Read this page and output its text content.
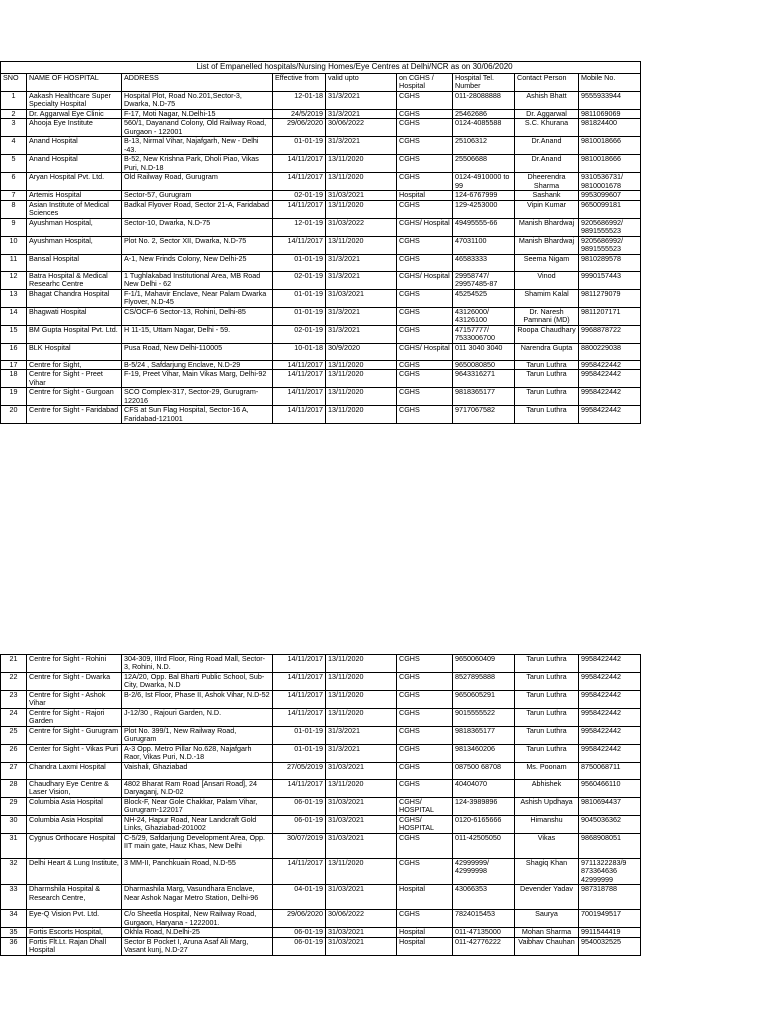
List of Empanelled hospitals/Nursing Homes/Eye Centres at Delhi/NCR as on 30/06/2020								
SNO	NAME OF HOSPITAL	ADDRESS	Effective from	valid upto	on CGHS / Hospital	Hospital Tel. Number	Contact Person	Mobile No.
1	Aakash Healthcare Super Specialty Hospital	Hospital Plot, Road No.201,Sector-3, Dwarka, N.D-75	12-01-18	31/3/2021	CGHS	011-28088888	Ashish Bhatt	9555933944
2	Dr. Aggarwal Eye Clinic	F-17, Moti Nagar, N.Delhi-15	24/5/2019	31/3/2021	CGHS	25462686	Dr. Aggarwal	9811069069
3	Ahooja Eye Institute	560/1, Dayanand Colony, Old Railway Road, Gurgaon - 122001	29/06/2020	30/06/2022	CGHS	0124-4085588	S.C. Khurana	981824400
4	Anand Hospital	B-13, Nirmal Vihar, Najafgarh, New - Delhi -43.	01-01-19	31/3/2021	CGHS	25106312	Dr.Anand	9810018666
5	Anand Hospital	B-52, New Krishna Park, Dholi Piao, Vikas Puri, N.D-18	14/11/2017	13/11/2020	CGHS	25506688	Dr.Anand	9810018666
6	Aryan Hospital Pvt. Ltd.	Old Railway Road, Gurugram	14/11/2017	13/11/2020	CGHS	0124-4910000 to 99	Dheerendra Sharma	9310536731/ 9810001678
7	Artemis Hospital	Sector-57, Gurugram	02-01-19	31/03/2021	Hospital	124-6767999	Sashank	9953099607
8	Asian Institute of Medical Sciences	Badkal Flyover Road, Sector 21-A, Faridabad	14/11/2017	13/11/2020	CGHS	129-4253000	Vipin Kumar	9650099181
9	Ayushman Hospital,	Sector-10, Dwarka, N.D-75	12-01-19	31/03/2022	CGHS/ Hospital	49495555-66	Manish Bhardwaj	9205686992/ 9891555523
10	Ayushman Hospital,	Plot No. 2, Sector XII, Dwarka, N.D-75	14/11/2017	13/11/2020	CGHS	47031100	Manish Bhardwaj	9205686992/ 9891555523
11	Bansal Hospital	A-1, New Frinds Colony, New Delhi-25	01-01-19	31/3/2021	CGHS	46583333	Seema Nigam	9810289578
12	Batra Hospital & Medical Researhc Centre	1 Tughlakabad Institutional Area, MB Road New Delhi - 62	02-01-19	31/3/2021	CGHS/ Hospital	29958747/ 29957485-87	Vinod	9990157443
13	Bhagat Chandra Hospital	F-1/1, Mahavir Enclave, Near Palam Dwarka Flyover, N.D-45	01-01-19	31/03/2021	CGHS	45254525	Shamim Kalal	9811279079
14	Bhagwati Hospital	CS/OCF-6 Sector-13, Rohini, Delhi-85	01-01-19	31/3/2021	CGHS	43126000/ 43126100	Dr. Naresh Pamnani (MD)	9811207171
15	BM Gupta Hospital Pvt. Ltd.	H 11-15, Uttam Nagar, Delhi - 59.	02-01-19	31/3/2021	CGHS	47157777/ 7533006700	Roopa Chaudhary	9968878722
16	BLK Hospital	Pusa Road, New Delhi-110005	10-01-18	30/9/2020	CGHS/ Hospital	011 3040 3040	Narendra Gupta	8800229038
17	Centre for Sight,	B-5/24 , Safdarjung Enclave, N.D-29	14/11/2017	13/11/2020	CGHS	9650080850	Tarun Luthra	9958422442
18	Centre for Sight - Preet Vihar	F-19, Preet Vihar, Main Vikas Marg, Delhi-92	14/11/2017	13/11/2020	CGHS	9643316271	Tarun Luthra	9958422442
19	Centre for Sight - Gurgoan	SCO Complex-317, Sector-29, Gurugram-122016	14/11/2017	13/11/2020	CGHS	9818365177	Tarun Luthra	9958422442
20	Centre for Sight - Faridabad	CFS at Sun Flag Hospital, Sector-16 A, Faridabad-121001	14/11/2017	13/11/2020	CGHS	9717067582	Tarun Luthra	9958422442
21	Centre for Sight - Rohini	304-309, IIIrd Floor, Ring Road Mall, Sector-3, Rohini, N.D.	14/11/2017	13/11/2020	CGHS	9650060409	Tarun Luthra	9958422442
22	Centre for Sight - Dwarka	12A/20, Opp. Bal Bharti Public School, Sub-City, Dwarka, N.D	14/11/2017	13/11/2020	CGHS	8527895888	Tarun Luthra	9958422442
23	Centre for Sight - Ashok Vihar	B-2/6, Ist Floor, Phase II, Ashok Vihar, N.D-52	14/11/2017	13/11/2020	CGHS	9650605291	Tarun Luthra	9958422442
24	Centre for Sight - Rajori Garden	J-12/30 , Rajouri Garden, N.D.	14/11/2017	13/11/2020	CGHS	9015555522	Tarun Luthra	9958422442
25	Centre for Sight - Gurugram	Plot No. 399/1, New Railway Road, Gurugram	01-01-19	31/3/2021	CGHS	9818365177	Tarun Luthra	9958422442
26	Center for Sight - Vikas Puri	A-3 Opp. Metro Pillar No.628, Najafgarh Raor, Vikas Puri, N.D.-18	01-01-19	31/3/2021	CGHS	9813460206	Tarun Luthra	9958422442
27	Chandra Laxmi Hospital	Vaishali, Ghaziabad	27/05/2019	31/03/2021	CGHS	087500 68708	Ms. Poonam	8750068711
28	Chaudhary Eye Centre & Laser Vision,	4802 Bharat Ram Road [Ansari Road], 24 Daryaganj, N.D-02	14/11/2017	13/11/2020	CGHS	40404070	Abhishek	9560466110
29	Columbia Asia Hospital	Block-F, Near Gole Chakkar, Palam Vihar, Gurugram-122017	06-01-19	31/03/2021	CGHS/ HOSPITAL	124-3989896	Ashish Updhaya	9810694437
30	Columbia Asia Hospital	NH-24, Hapur Road, Near Landcraft Gold Links, Ghaziabad-201002	06-01-19	31/03/2021	CGHS/ HOSPITAL	0120-6165666	Himanshu	9045036362
31	Cygnus Orthocare Hospital	C-5/29, Safdarjung Development Area, Opp. IIT main gate, Hauz Khas, New Delhi	30/07/2019	31/03/2021	CGHS	011-42505050	Vikas	9868908051
32	Delhi Heart & Lung Institute,	3 MM-II, Panchkuain Road, N.D-55	14/11/2017	13/11/2020	CGHS	42999999/ 42999998	Shagiq Khan	9711322283/9 873364636 42999999
33	Dharmshila Hospital & Research Centre,	Dharmashila Marg, Vasundhara Enclave, Near Ashok Nagar Metro Station, Delhi-96	04-01-19	31/03/2021	Hospital	43066353	Devender Yadav	987318788
34	Eye-Q Vision Pvt. Ltd.	C/o Sheetla Hospital, New Railway Road, Gurgaon, Haryana - 1222001.	29/06/2020	30/06/2022	CGHS	7824015453	Saurya	7001949517
35	Fortis Escorts Hospital,	Okhla Road, N.Delhi-25	06-01-19	31/03/2021	Hospital	011-47135000	Mohan Sharma	9911544419
36	Fortis Flt.Lt. Rajan Dhall Hospital	Sector B Pocket I, Aruna Asaf Ali Marg, Vasant kunj, N.D-27	06-01-19	31/03/2021	Hospital	011-42776222	Vaibhav Chauhan	9540032525
